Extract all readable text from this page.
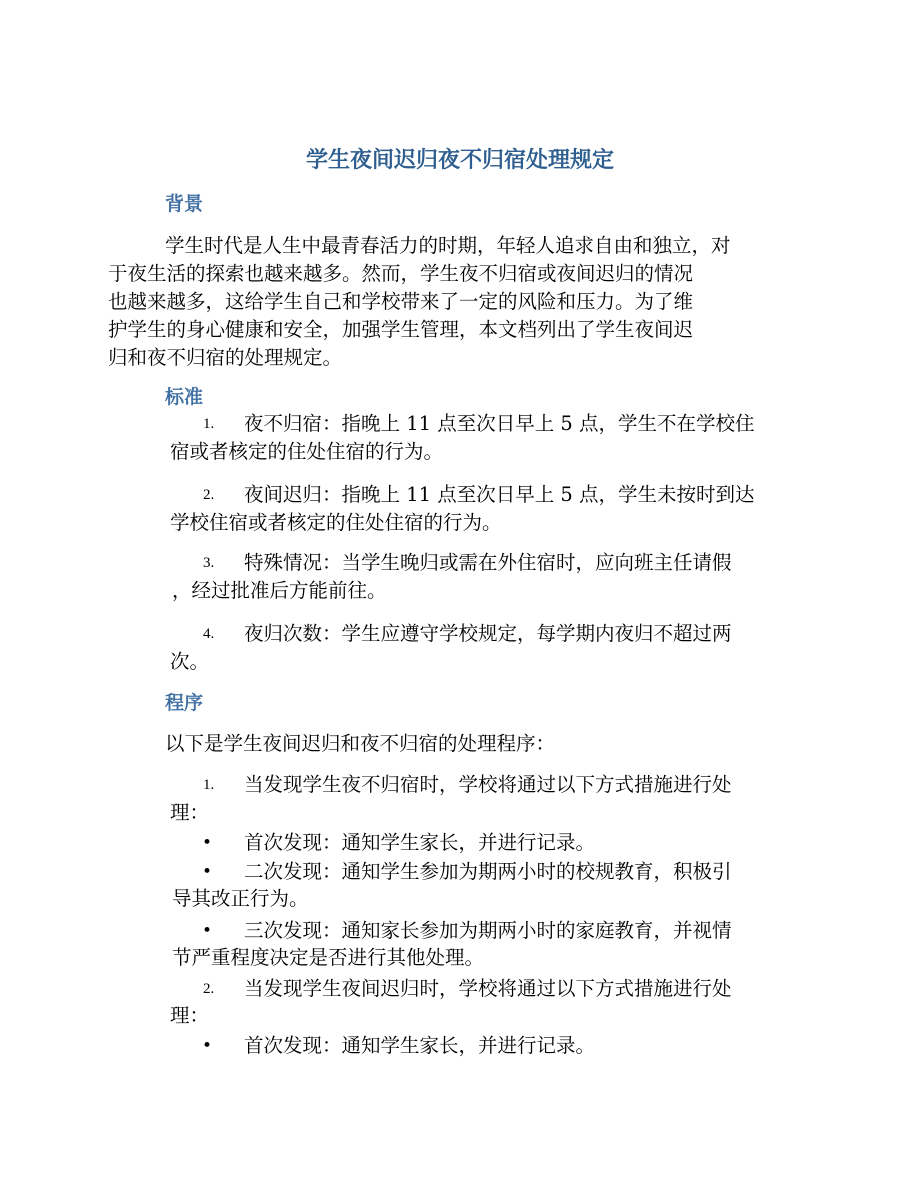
学生夜间迟归夜不归宿处理规定
背景
学生时代是人生中最青春活力的时期，年轻人追求自由和独立，对
于夜生活的探索也越来越多。然而，学生夜不归宿或夜间迟归的情况
也越来越多，这给学生自己和学校带来了一定的风险和压力。为了维
护学生的身心健康和安全，加强学生管理，本文档列出了学生夜间迟
归和夜不归宿的处理规定。
标准
1. 夜不归宿：指晚上 11 点至次日早上 5 点，学生不在学校住
宿或者核定的住处住宿的行为。
2. 夜间迟归：指晚上 11 点至次日早上 5 点，学生未按时到达
学校住宿或者核定的住处住宿的行为。
3. 特殊情况：当学生晚归或需在外住宿时，应向班主任请假
，经过批准后方能前往。
4. 夜归次数：学生应遵守学校规定，每学期内夜归不超过两
次。
程序
以下是学生夜间迟归和夜不归宿的处理程序：
1. 当发现学生夜不归宿时，学校将通过以下方式措施进行处
理：
• 首次发现：通知学生家长，并进行记录。
• 二次发现：通知学生参加为期两小时的校规教育，积极引
导其改正行为。
• 三次发现：通知家长参加为期两小时的家庭教育，并视情
节严重程度决定是否进行其他处理。
2. 当发现学生夜间迟归时，学校将通过以下方式措施进行处
理：
• 首次发现：通知学生家长，并进行记录。
